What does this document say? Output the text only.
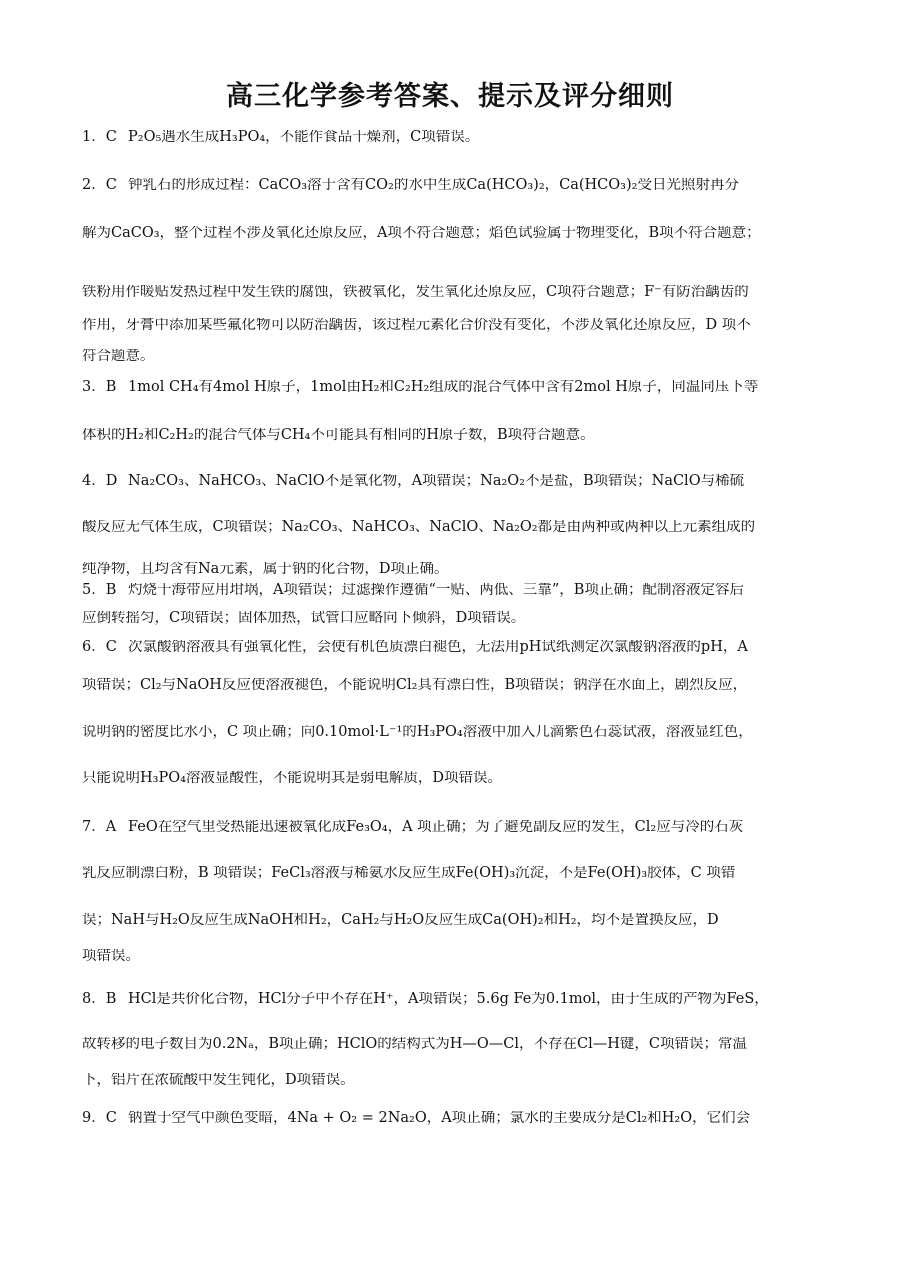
高三化学参考答案、提示及评分细则
1．C P₂O₅遇水生成H₃PO₄，不能作食品干燥剂，C项错误。
2．C 钟乳石的形成过程：CaCO₃溶于含有CO₂的水中生成Ca(HCO₃)₂，Ca(HCO₃)₂受日光照射再分
解为CaCO₃，整个过程不涉及氧化还原反应，A项不符合题意；焰色试验属于物理变化，B项不符合题意；
铁粉用作暖贴发热过程中发生铁的腐蚀，铁被氧化，发生氧化还原反应，C项符合题意；F⁻有防治龋齿的
作用，牙膏中添加某些氟化物可以防治龋齿，该过程元素化合价没有变化，不涉及氧化还原反应，D 项不
符合题意。
3．B 1mol CH₄有4mol H原子，1mol由H₂和C₂H₂组成的混合气体中含有2mol H原子，同温同压下等
体积的H₂和C₂H₂的混合气体与CH₄不可能具有相同的H原子数，B项符合题意。
4．D Na₂CO₃、NaHCO₃、NaClO不是氧化物，A项错误；Na₂O₂不是盐，B项错误；NaClO与稀硫
酸反应无气体生成，C项错误；Na₂CO₃、NaHCO₃、NaClO、Na₂O₂都是由两种或两种以上元素组成的
纯净物，且均含有Na元素，属于钠的化合物，D项正确。
5．B 灼烧干海带应用坩埚，A项错误；过滤操作遵循“一贴、两低、三靠”，B项正确；配制溶液定容后
应倒转摇匀，C项错误；固体加热，试管口应略向下倾斜，D项错误。
6．C 次氯酸钠溶液具有强氧化性，会使有机色质漂白褪色，无法用pH试纸测定次氯酸钠溶液的pH，A
项错误；Cl₂与NaOH反应使溶液褪色，不能说明Cl₂具有漂白性，B项错误；钠浮在水面上，剧烈反应，
说明钠的密度比水小，C 项正确；向0.10mol·L⁻¹的H₃PO₄溶液中加入几滴紫色石蕊试液，溶液显红色，
只能说明H₃PO₄溶液显酸性，不能说明其是弱电解质，D项错误。
7．A FeO在空气里受热能迅速被氧化成Fe₃O₄，A 项正确；为了避免副反应的发生，Cl₂应与冷的石灰
乳反应制漂白粉，B 项错误；FeCl₃溶液与稀氨水反应生成Fe(OH)₃沉淀，不是Fe(OH)₃胶体，C 项错
误；NaH与H₂O反应生成NaOH和H₂，CaH₂与H₂O反应生成Ca(OH)₂和H₂，均不是置换反应，D
项错误。
8．B HCl是共价化合物，HCl分子中不存在H⁺，A项错误；5.6g Fe为0.1mol，由于生成的产物为FeS，
故转移的电子数目为0.2Nₐ，B项正确；HClO的结构式为H—O—Cl，不存在Cl—H键，C项错误；常温
下，铝片在浓硫酸中发生钝化，D项错误。
9．C 钠置于空气中颜色变暗，4Na + O₂ = 2Na₂O，A项正确；氯水的主要成分是Cl₂和H₂O，它们会
